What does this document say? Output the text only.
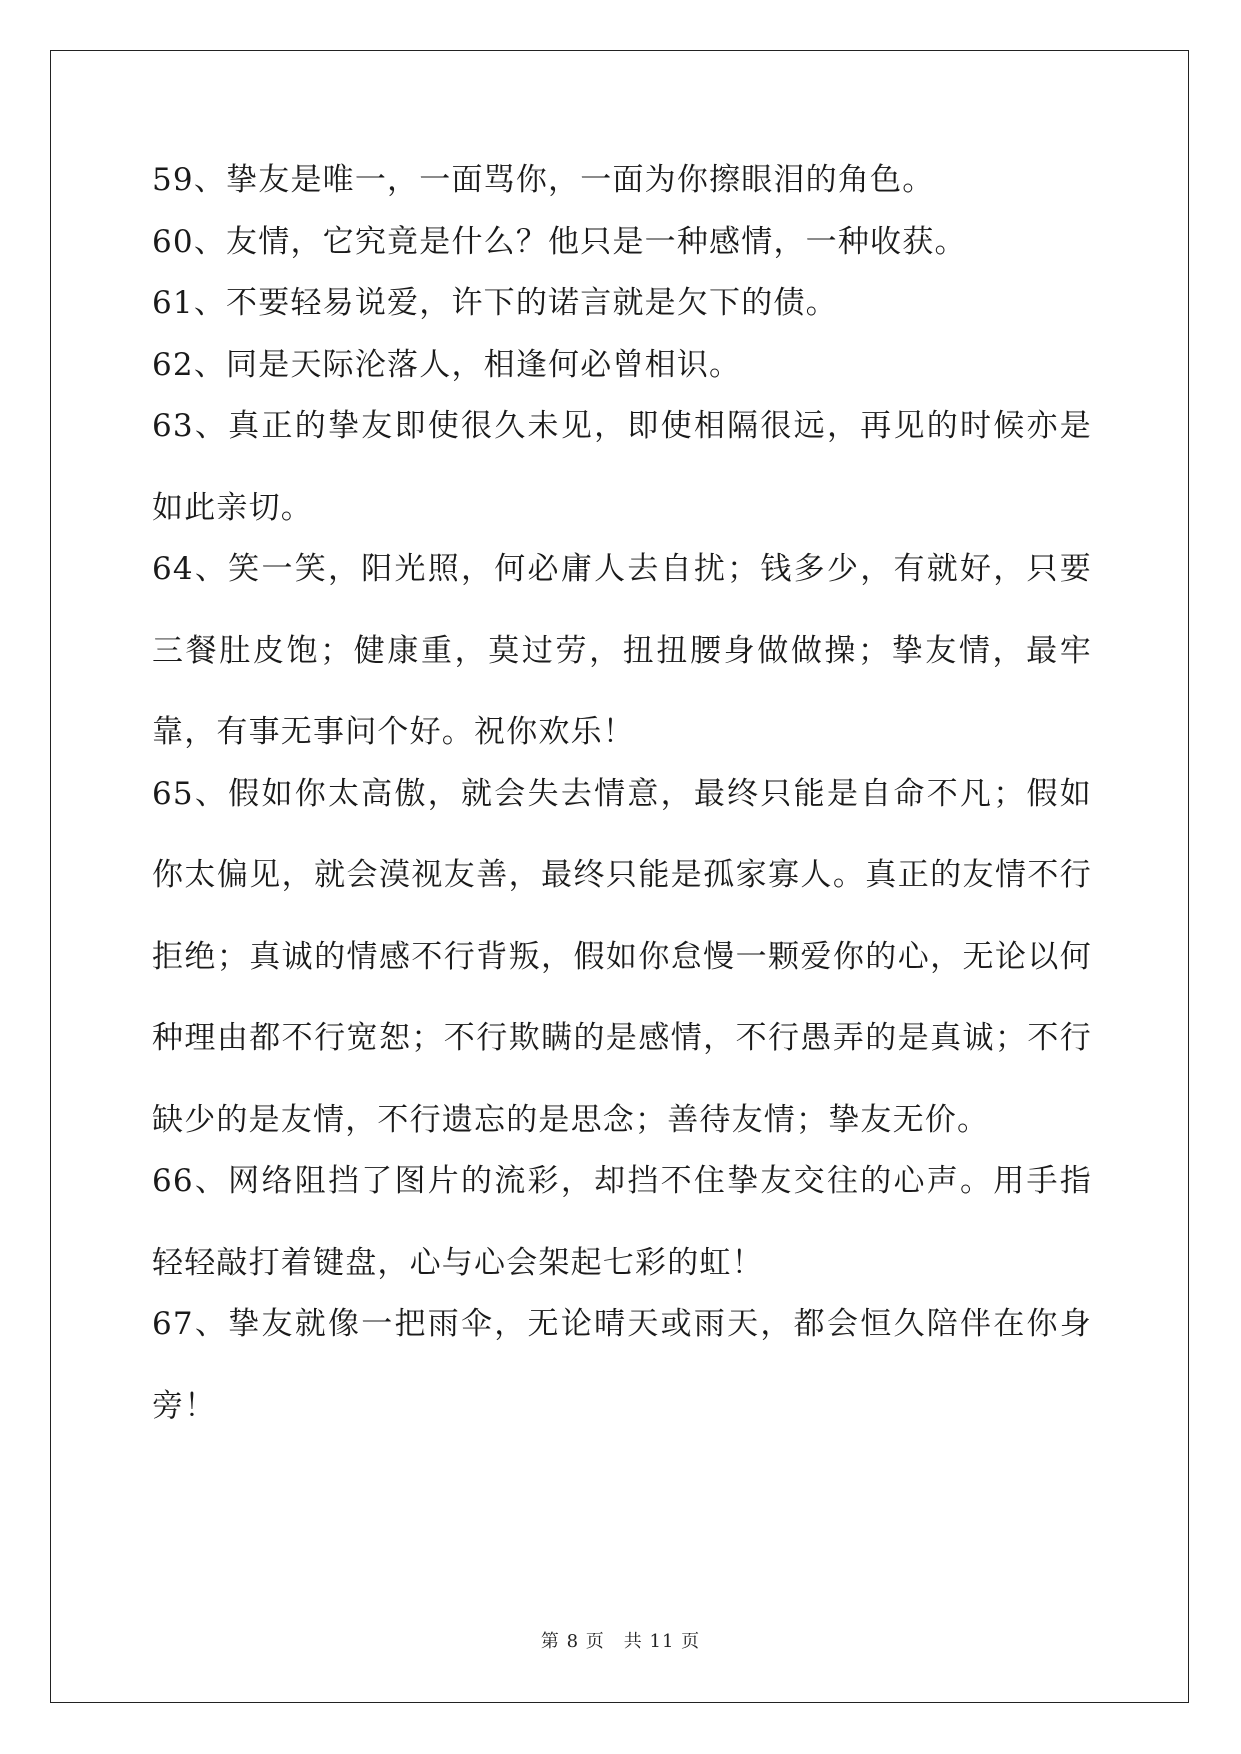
59、挚友是唯一，一面骂你，一面为你擦眼泪的角色。

60、友情，它究竟是什么？他只是一种感情，一种收获。

61、不要轻易说爱，许下的诺言就是欠下的债。

62、同是天际沦落人，相逢何必曾相识。

63、真正的挚友即使很久未见，即使相隔很远，再见的时候亦是如此亲切。

64、笑一笑，阳光照，何必庸人去自扰；钱多少，有就好，只要三餐肚皮饱；健康重，莫过劳，扭扭腰身做做操；挚友情，最牢靠，有事无事问个好。祝你欢乐！

65、假如你太高傲，就会失去情意，最终只能是自命不凡；假如你太偏见，就会漠视友善，最终只能是孤家寡人。真正的友情不行拒绝；真诚的情感不行背叛，假如你怠慢一颗爱你的心，无论以何种理由都不行宽恕；不行欺瞒的是感情，不行愚弄的是真诚；不行缺少的是友情，不行遗忘的是思念；善待友情；挚友无价。

66、网络阻挡了图片的流彩，却挡不住挚友交往的心声。用手指轻轻敲打着键盘，心与心会架起七彩的虹！

67、挚友就像一把雨伞，无论晴天或雨天，都会恒久陪伴在你身旁！

第 8 页　共 11 页
